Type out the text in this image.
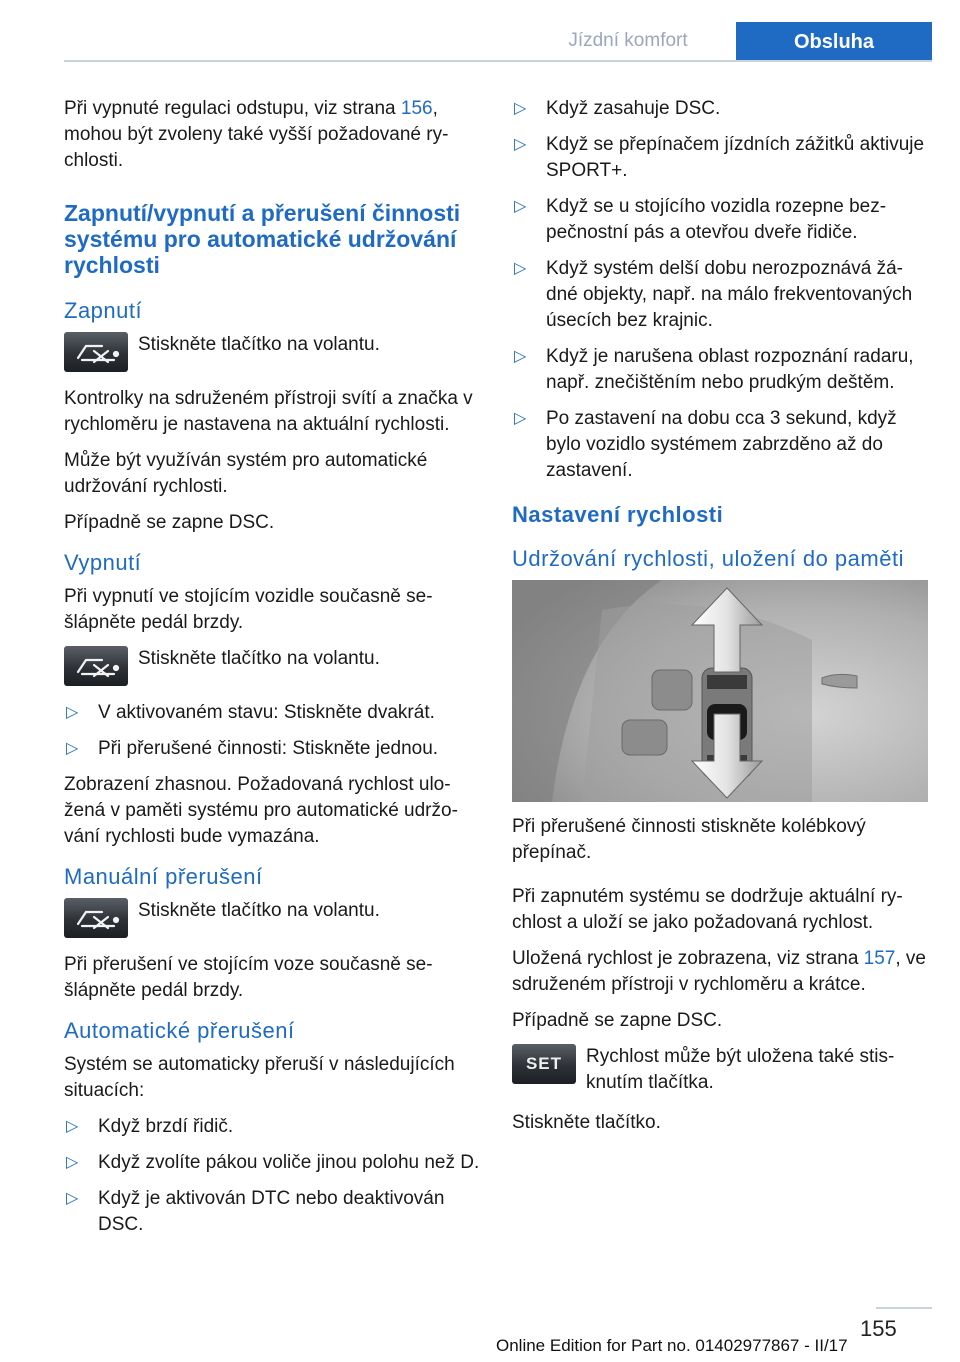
Jízdní komfort	Obsluha

Při vypnuté regulaci odstupu, viz strana 156, mohou být zvoleny také vyšší požadované rychlosti.

Zapnutí/vypnutí a přerušení činnosti systému pro automatické udržování rychlosti
Zapnutí

Stiskněte tlačítko na volantu.

Kontrolky na sdruženém přístroji svítí a značka v rychloměru je nastavena na aktuální rychlosti.

Může být využíván systém pro automatické udržování rychlosti.

Případně se zapne DSC.

Vypnutí

Při vypnutí ve stojícím vozidle současně sešlápněte pedál brzdy.

Stiskněte tlačítko na volantu.

▷ V aktivovaném stavu: Stiskněte dvakrát.
▷ Při přerušené činnosti: Stiskněte jednou.

Zobrazení zhasnou. Požadovaná rychlost uložená v paměti systému pro automatické udržování rychlosti bude vymazána.

Manuální přerušení

Stiskněte tlačítko na volantu.

Při přerušení ve stojícím voze současně sešlápněte pedál brzdy.

Automatické přerušení

Systém se automaticky přeruší v následujících situacích:

▷ Když brzdí řidič.
▷ Když zvolíte pákou voliče jinou polohu než D.
▷ Když je aktivován DTC nebo deaktivován DSC.
▷ Když zasahuje DSC.
▷ Když se přepínačem jízdních zážitků aktivuje SPORT+.
▷ Když se u stojícího vozidla rozepne bezpečnostní pás a otevřou dveře řidiče.
▷ Když systém delší dobu nerozpoznává žádné objekty, např. na málo frekventovaných úsecích bez krajnic.
▷ Když je narušena oblast rozpoznání radaru, např. znečištěním nebo prudkým deštěm.
▷ Po zastavení na dobu cca 3 sekund, když bylo vozidlo systémem zabrzděno až do zastavení.
Nastavení rychlosti
Udržování rychlosti, uložení do paměti

Při přerušené činnosti stiskněte kolébkový přepínač.

Při zapnutém systému se dodržuje aktuální rychlost a uloží se jako požadovaná rychlost.

Uložená rychlost je zobrazena, viz strana 157, ve sdruženém přístroji v rychloměru a krátce.

Případně se zapne DSC.

SET	Rychlost může být uložena také stisknutím tlačítka.

Stiskněte tlačítko.

155
Online Edition for Part no. 01402977867 - II/17
